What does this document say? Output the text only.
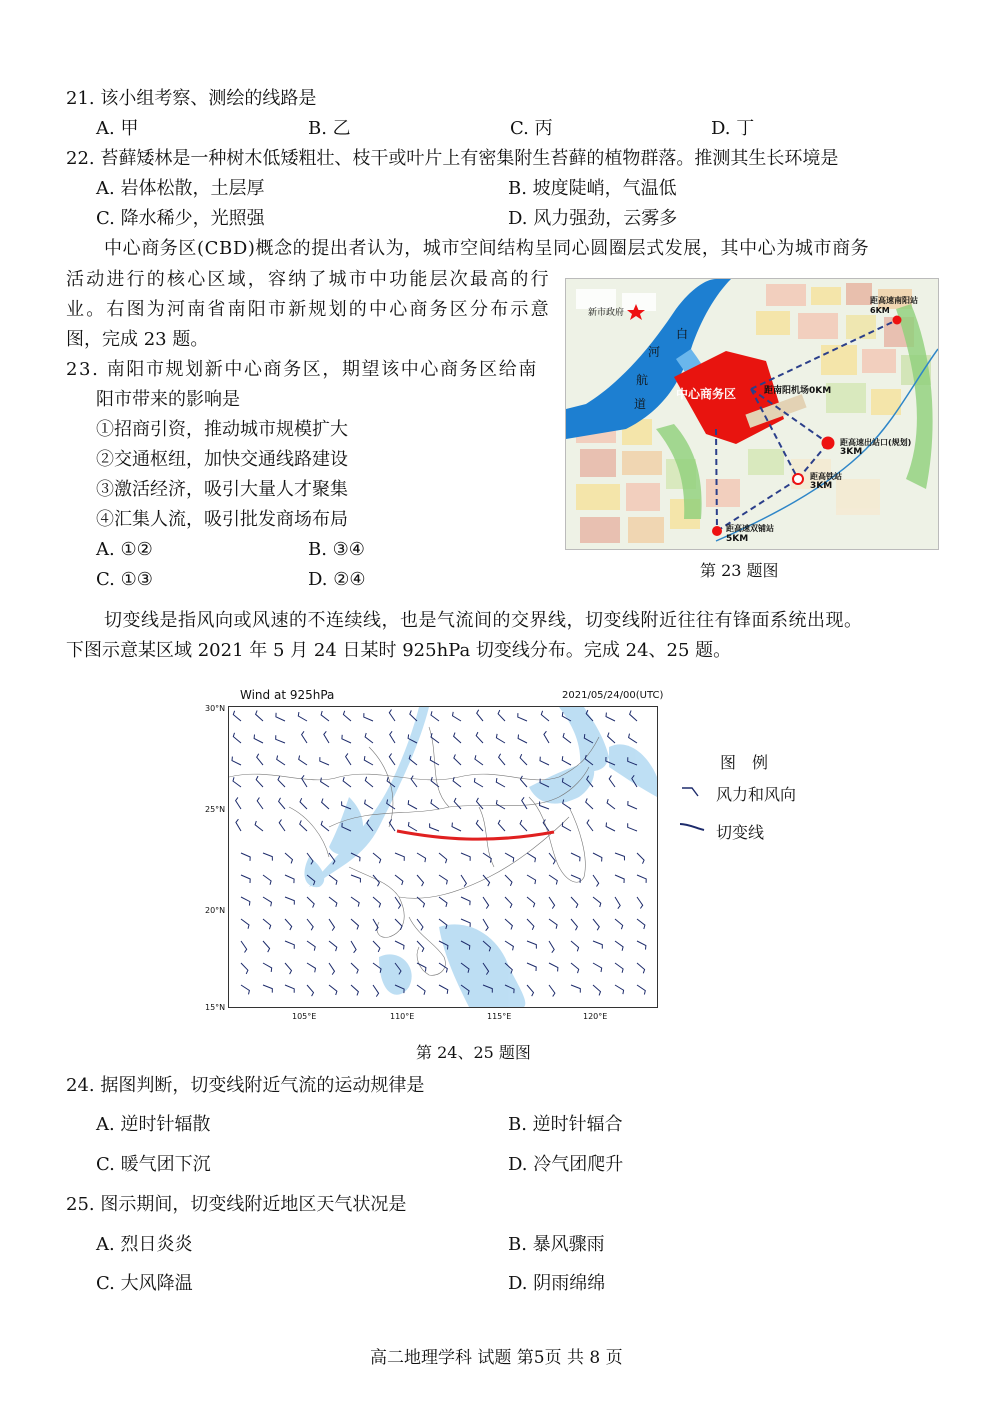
21. 该小组考察、测绘的线路是
A. 甲	B. 乙	C. 丙	D. 丁
22. 苔藓矮林是一种树木低矮粗壮、枝干或叶片上有密集附生苔藓的植物群落。推测其生长环境是
A. 岩体松散，土层厚	B. 坡度陡峭，气温低
C. 降水稀少，光照强	D. 风力强劲，云雾多
中心商务区(CBD)概念的提出者认为，城市空间结构呈同心圆圈层式发展，其中心为城市商务
活动进行的核心区域，容纳了城市中功能层次最高的行
业。右图为河南省南阳市新规划的中心商务区分布示意
图，完成 23 题。
23. 南阳市规划新中心商务区，期望该中心商务区给南
阳市带来的影响是
①招商引资，推动城市规模扩大
②交通枢纽，加快交通线路建设
③激活经济，吸引大量人才聚集
④汇集人流，吸引批发商场布局
A. ①②	B. ③④
C. ①③	D. ②④
新市政府
白
河
航
道
中心商务区	距南阳机场0KM
距高速南阳站
6KM
距高速出站口(规划)
3KM
距高铁站
3KM
距高速双铺站
5KM
第 23 题图
切变线是指风向或风速的不连续线，也是气流间的交界线，切变线附近往往有锋面系统出现。
下图示意某区域 2021 年 5 月 24 日某时 925hPa 切变线分布。完成 24、25 题。
Wind at 925hPa	2021/05/24/00(UTC)
30°N
25°N
20°N
15°N
105°E	110°E	115°E	120°E
图　例
风力和风向
切变线
第 24、25 题图
24. 据图判断，切变线附近气流的运动规律是
A. 逆时针辐散	B. 逆时针辐合
C. 暖气团下沉	D. 冷气团爬升
25. 图示期间，切变线附近地区天气状况是
A. 烈日炎炎	B. 暴风骤雨
C. 大风降温	D. 阴雨绵绵
高二地理学科 试题 第5页 共 8 页
